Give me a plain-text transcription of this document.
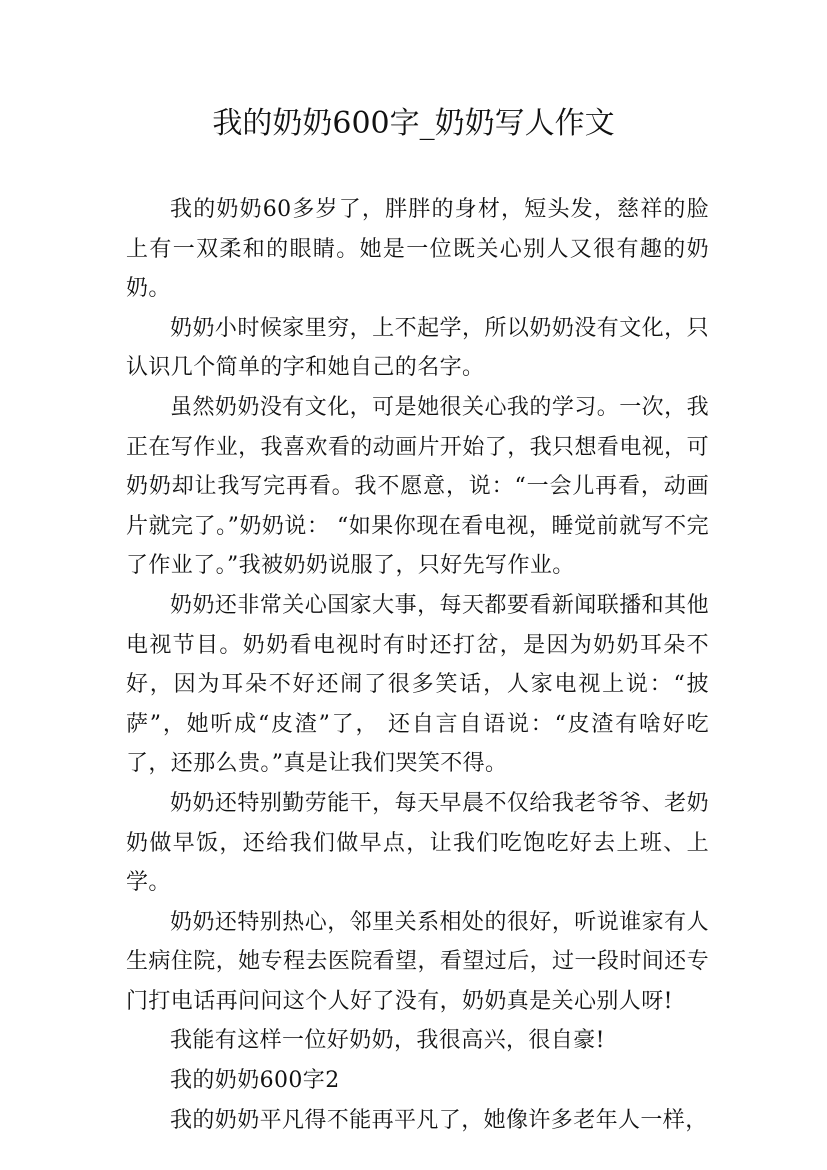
我的奶奶600字_奶奶写人作文

我的奶奶60多岁了，胖胖的身材，短头发，慈祥的脸上有一双柔和的眼睛。她是一位既关心别人又很有趣的奶奶。

奶奶小时候家里穷，上不起学，所以奶奶没有文化，只认识几个简单的字和她自己的名字。

虽然奶奶没有文化，可是她很关心我的学习。一次，我正在写作业，我喜欢看的动画片开始了，我只想看电视，可奶奶却让我写完再看。我不愿意，说：“一会儿再看，动画片就完了。”奶奶说： “如果你现在看电视，睡觉前就写不完了作业了。”我被奶奶说服了，只好先写作业。

奶奶还非常关心国家大事，每天都要看新闻联播和其他电视节目。奶奶看电视时有时还打岔，是因为奶奶耳朵不好，因为耳朵不好还闹了很多笑话，人家电视上说：“披萨”，她听成“皮渣”了， 还自言自语说：“皮渣有啥好吃了，还那么贵。”真是让我们哭笑不得。

奶奶还特别勤劳能干，每天早晨不仅给我老爷爷、老奶奶做早饭，还给我们做早点，让我们吃饱吃好去上班、上学。

奶奶还特别热心，邻里关系相处的很好，听说谁家有人生病住院，她专程去医院看望，看望过后，过一段时间还专门打电话再问问这个人好了没有，奶奶真是关心别人呀!

我能有这样一位好奶奶，我很高兴，很自豪!

我的奶奶600字2

我的奶奶平凡得不能再平凡了，她像许多老年人一样，
